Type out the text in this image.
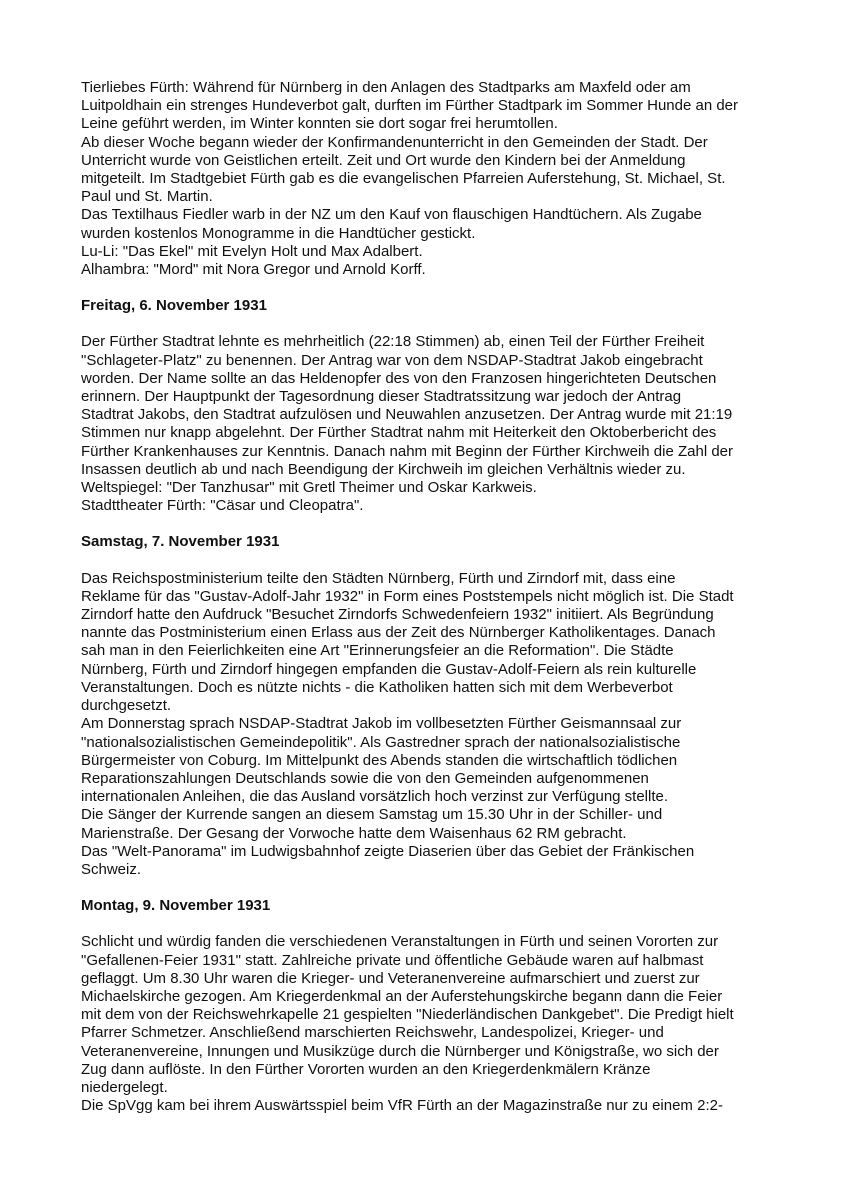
Tierliebes Fürth: Während für Nürnberg in den Anlagen des Stadtparks am Maxfeld oder am
Luitpoldhain ein strenges Hundeverbot galt, durften im Fürther Stadtpark im Sommer Hunde an der
Leine geführt werden, im Winter konnten sie dort sogar frei herumtollen.
Ab dieser Woche begann wieder der Konfirmandenunterricht in den Gemeinden der Stadt. Der
Unterricht wurde von Geistlichen erteilt. Zeit und Ort wurde den Kindern bei der Anmeldung
mitgeteilt. Im Stadtgebiet Fürth gab es die evangelischen Pfarreien Auferstehung, St. Michael, St.
Paul und St. Martin.
Das Textilhaus Fiedler warb in der NZ um den Kauf von flauschigen Handtüchern. Als Zugabe
wurden kostenlos Monogramme in die Handtücher gestickt.
Lu-Li: "Das Ekel" mit Evelyn Holt und Max Adalbert.
Alhambra: "Mord" mit Nora Gregor und Arnold Korff.
Freitag, 6. November 1931
Der Fürther Stadtrat lehnte es mehrheitlich (22:18 Stimmen) ab, einen Teil der Fürther Freiheit
"Schlageter-Platz" zu benennen. Der Antrag war von dem NSDAP-Stadtrat Jakob eingebracht
worden. Der Name sollte an das Heldenopfer des von den Franzosen hingerichteten Deutschen
erinnern. Der Hauptpunkt der Tagesordnung dieser Stadtratssitzung war jedoch der Antrag
Stadtrat Jakobs, den Stadtrat aufzulösen und Neuwahlen anzusetzen. Der Antrag wurde mit 21:19
Stimmen nur knapp abgelehnt. Der Fürther Stadtrat nahm mit Heiterkeit den Oktoberbericht des
Fürther Krankenhauses zur Kenntnis. Danach nahm mit Beginn der Fürther Kirchweih die Zahl der
Insassen deutlich ab und nach Beendigung der Kirchweih im gleichen Verhältnis wieder zu.
Weltspiegel: "Der Tanzhusar" mit Gretl Theimer und Oskar Karkweis.
Stadttheater Fürth: "Cäsar und Cleopatra".
Samstag, 7. November 1931
Das Reichspostministerium teilte den Städten Nürnberg, Fürth und Zirndorf mit, dass eine
Reklame für das "Gustav-Adolf-Jahr 1932" in Form eines Poststempels nicht möglich ist. Die Stadt
Zirndorf hatte den Aufdruck "Besuchet Zirndorfs Schwedenfeiern 1932" initiiert. Als Begründung
nannte das Postministerium einen Erlass aus der Zeit des Nürnberger Katholikentages. Danach
sah man in den Feierlichkeiten eine Art "Erinnerungsfeier an die Reformation". Die Städte
Nürnberg, Fürth und Zirndorf hingegen empfanden die Gustav-Adolf-Feiern als rein kulturelle
Veranstaltungen. Doch es nützte nichts - die Katholiken hatten sich mit dem Werbeverbot
durchgesetzt.
Am Donnerstag sprach NSDAP-Stadtrat Jakob im vollbesetzten Fürther Geismannsaal zur
"nationalsozialistischen Gemeindepolitik". Als Gastredner sprach der nationalsozialistische
Bürgermeister von Coburg. Im Mittelpunkt des Abends standen die wirtschaftlich tödlichen
Reparationszahlungen Deutschlands sowie die von den Gemeinden aufgenommenen
internationalen Anleihen, die das Ausland vorsätzlich hoch verzinst zur Verfügung stellte.
Die Sänger der Kurrende sangen an diesem Samstag um 15.30 Uhr in der Schiller- und
Marienstraße. Der Gesang der Vorwoche hatte dem Waisenhaus 62 RM gebracht.
Das "Welt-Panorama" im Ludwigsbahnhof zeigte Diaserien über das Gebiet der Fränkischen
Schweiz.
Montag, 9. November 1931
Schlicht und würdig fanden die verschiedenen Veranstaltungen in Fürth und seinen Vororten zur
"Gefallenen-Feier 1931" statt. Zahlreiche private und öffentliche Gebäude waren auf halbmast
geflaggt. Um 8.30 Uhr waren die Krieger- und Veteranenvereine aufmarschiert und zuerst zur
Michaelskirche gezogen. Am Kriegerdenkmal an der Auferstehungskirche begann dann die Feier
mit dem von der Reichswehrkapelle 21 gespielten "Niederländischen Dankgebet". Die Predigt hielt
Pfarrer Schmetzer. Anschließend marschierten Reichswehr, Landespolizei, Krieger- und
Veteranenvereine, Innungen und Musikzüge durch die Nürnberger und Königstraße, wo sich der
Zug dann auflöste. In den Fürther Vororten wurden an den Kriegerdenkmälern Kränze
niedergelegt.
Die SpVgg kam bei ihrem Auswärtsspiel beim VfR Fürth an der Magazinstraße nur zu einem 2:2-
